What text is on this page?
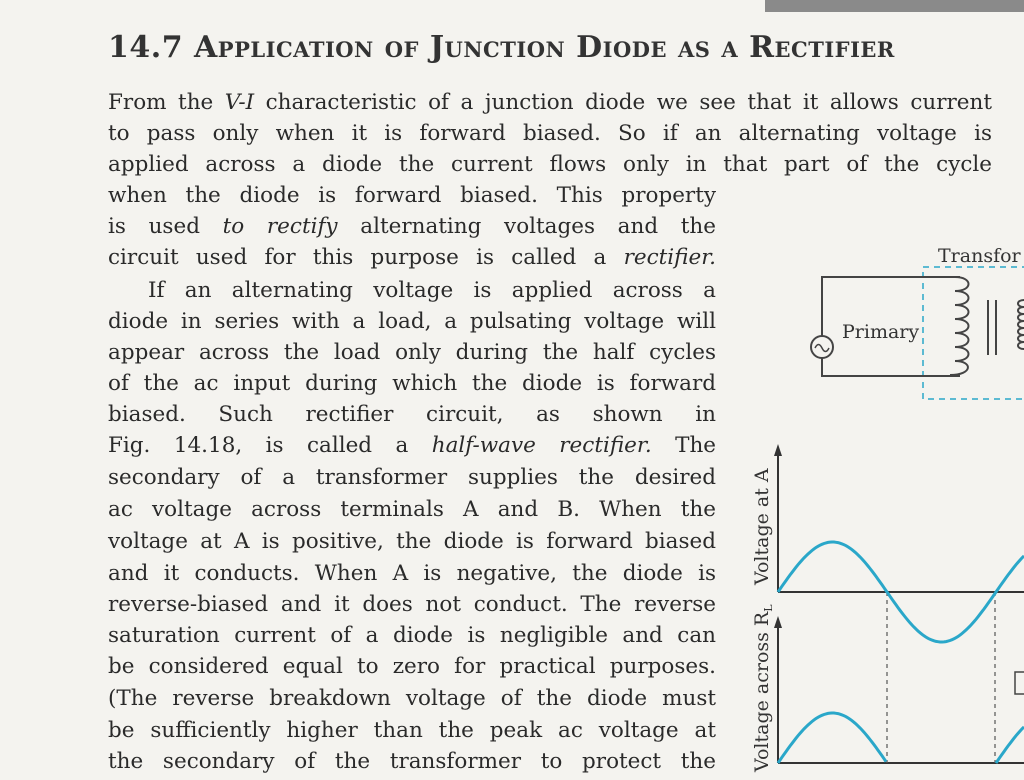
14.7 Application of Junction Diode as a Rectifier
From the V-I characteristic of a junction diode we see that it allows current
to pass only when it is forward biased. So if an alternating voltage is
applied across a diode the current flows only in that part of the cycle
when the diode is forward biased. This property
is used to rectify alternating voltages and the
circuit used for this purpose is called a rectifier.
If an alternating voltage is applied across a
diode in series with a load, a pulsating voltage will
appear across the load only during the half cycles
of the ac input during which the diode is forward
biased. Such rectifier circuit, as shown in
Fig. 14.18, is called a half-wave rectifier. The
secondary of a transformer supplies the desired
ac voltage across terminals A and B. When the
voltage at A is positive, the diode is forward biased
and it conducts. When A is negative, the diode is
reverse-biased and it does not conduct. The reverse
saturation current of a diode is negligible and can
be considered equal to zero for practical purposes.
(The reverse breakdown voltage of the diode must
be sufficiently higher than the peak ac voltage at
the secondary of the transformer to protect the
Transfor
Primary
Voltage at A
Voltage across $R_L$
